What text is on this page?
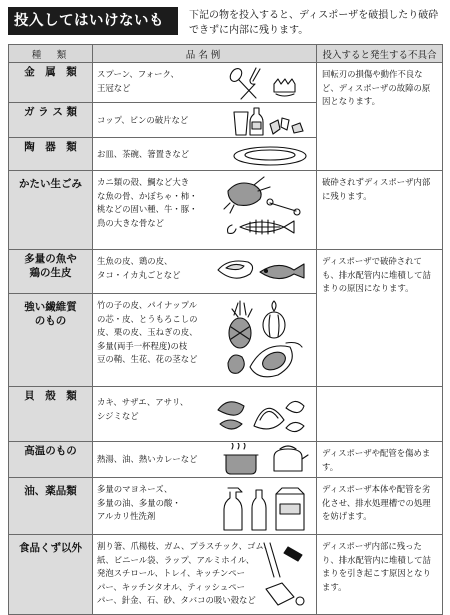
投入してはいけないも	下記の物を投入すると、ディスポーザを破損したり破砕できずに内部に残ります。
種　類	品名例	投入すると発生する不具合
金　属　類	スプーン、フォーク、
王冠など	回転刃の損傷や動作不良など、ディスポーザの故障の原因となります。
ガ ラ ス 類	コップ、ビンの破片など	

陶　器　類	お皿、茶碗、箸置きなど	

かたい生ごみ	カニ類の殻、鯛など大き
な魚の骨、かぼちゃ・柿・
桃などの固い種、牛・豚・
鳥の大きな骨など	破砕されずディスポーザ内部に残ります。
多量の魚や
鶏の生皮	生魚の皮、鶏の皮、
タコ・イカ丸ごとなど	ディスポーザで破砕されても、排水配管内に堆積して詰まりの原因になります。
強い繊維質
のもの	竹の子の皮、パイナップル
の芯・皮、とうもろこしの
皮、栗の皮、玉ねぎの皮、
多量(両手一杯程度)の枝
豆の鞘、生花、花の茎など	

貝　殻　類	カキ、サザエ、アサリ、
シジミなど	

高温のもの	熱湯、油、熱いカレーなど	ディスポーザや配管を傷めます。
油、薬品類	多量のマヨネーズ、
多量の油、多量の酸・
アルカリ性洗剤	ディスポーザ本体や配管を劣化させ、排水処理槽での処理を妨げます。
食品くず以外	割り箸、爪楊枝、ガム、プラスチック、ゴム、
紙、ビニール袋、ラップ、アルミホイル、
発泡スチロール、トレイ、キッチンペー
パー、キッチンタオル、ティッシュペー
パー、針金、石、砂、タバコの吸い殻など	ディスポーザ内部に残ったり、排水配管内に堆積して詰まりを引き起こす原因となります。
